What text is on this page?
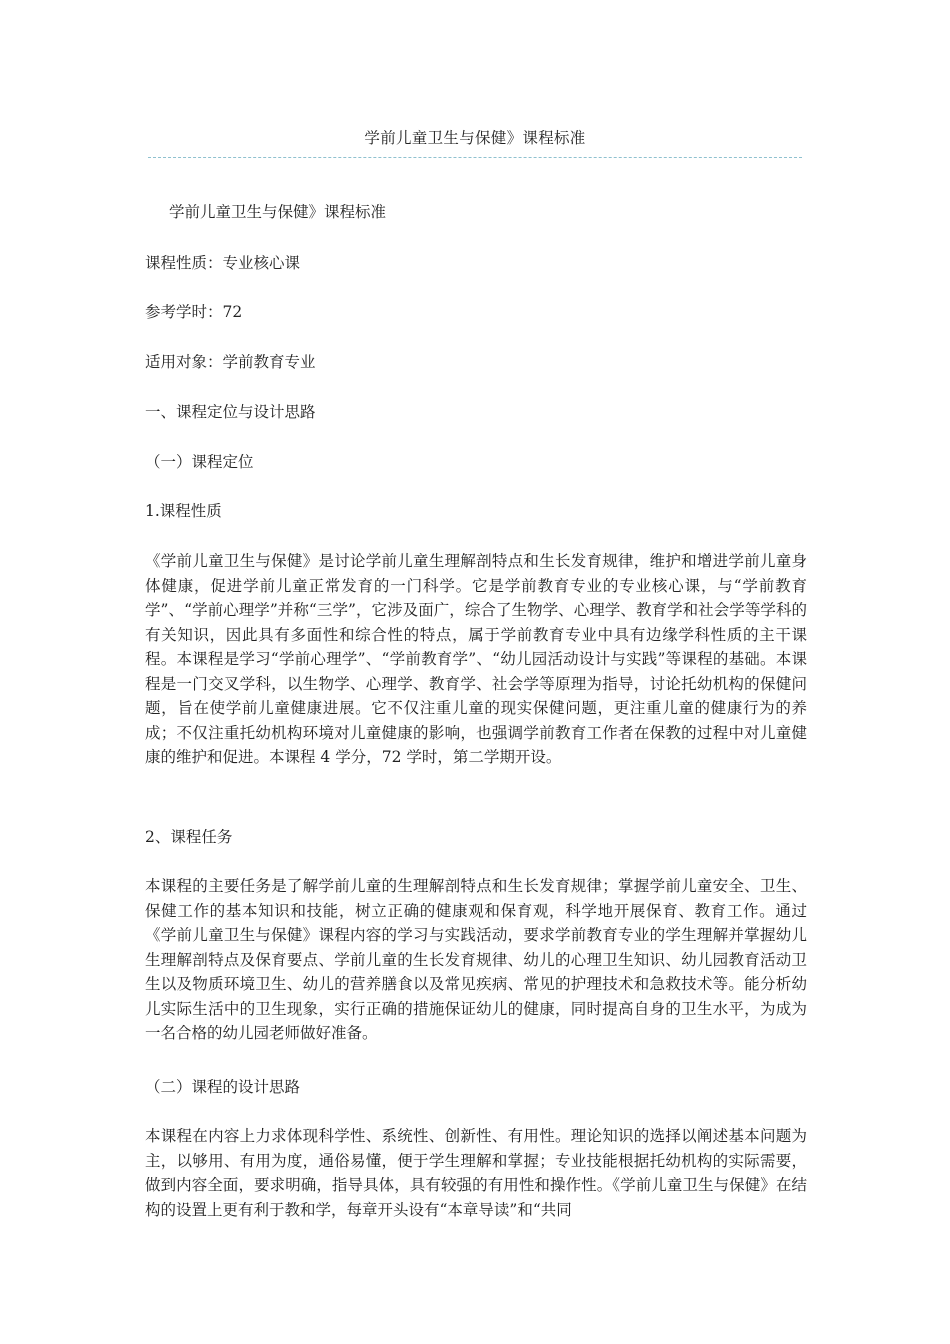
学前儿童卫生与保健》课程标准

学前儿童卫生与保健》课程标准

课程性质：专业核心课

参考学时：72

适用对象：学前教育专业

一、课程定位与设计思路

（一）课程定位

1.课程性质

《学前儿童卫生与保健》是讨论学前儿童生理解剖特点和生长发育规律，维护和增进学前儿童身体健康，促进学前儿童正常发育的一门科学。它是学前教育专业的专业核心课，与“学前教育学”、“学前心理学”并称“三学”，它涉及面广，综合了生物学、心理学、教育学和社会学等学科的有关知识，因此具有多面性和综合性的特点，属于学前教育专业中具有边缘学科性质的主干课程。本课程是学习“学前心理学”、“学前教育学”、“幼儿园活动设计与实践”等课程的基础。本课程是一门交叉学科，以生物学、心理学、教育学、社会学等原理为指导，讨论托幼机构的保健问题，旨在使学前儿童健康进展。它不仅注重儿童的现实保健问题，更注重儿童的健康行为的养成；不仅注重托幼机构环境对儿童健康的影响，也强调学前教育工作者在保教的过程中对儿童健康的维护和促进。本课程 4 学分，72 学时，第二学期开设。

2、课程任务

本课程的主要任务是了解学前儿童的生理解剖特点和生长发育规律；掌握学前儿童安全、卫生、保健工作的基本知识和技能，树立正确的健康观和保育观，科学地开展保育、教育工作。通过《学前儿童卫生与保健》课程内容的学习与实践活动，要求学前教育专业的学生理解并掌握幼儿生理解剖特点及保育要点、学前儿童的生长发育规律、幼儿的心理卫生知识、幼儿园教育活动卫生以及物质环境卫生、幼儿的营养膳食以及常见疾病、常见的护理技术和急救技术等。能分析幼儿实际生活中的卫生现象，实行正确的措施保证幼儿的健康，同时提高自身的卫生水平，为成为一名合格的幼儿园老师做好准备。

（二）课程的设计思路

本课程在内容上力求体现科学性、系统性、创新性、有用性。理论知识的选择以阐述基本问题为主，以够用、有用为度，通俗易懂，便于学生理解和掌握；专业技能根据托幼机构的实际需要，做到内容全面，要求明确，指导具体，具有较强的有用性和操作性。《学前儿童卫生与保健》在结构的设置上更有利于教和学，每章开头设有“本章导读”和“共同
